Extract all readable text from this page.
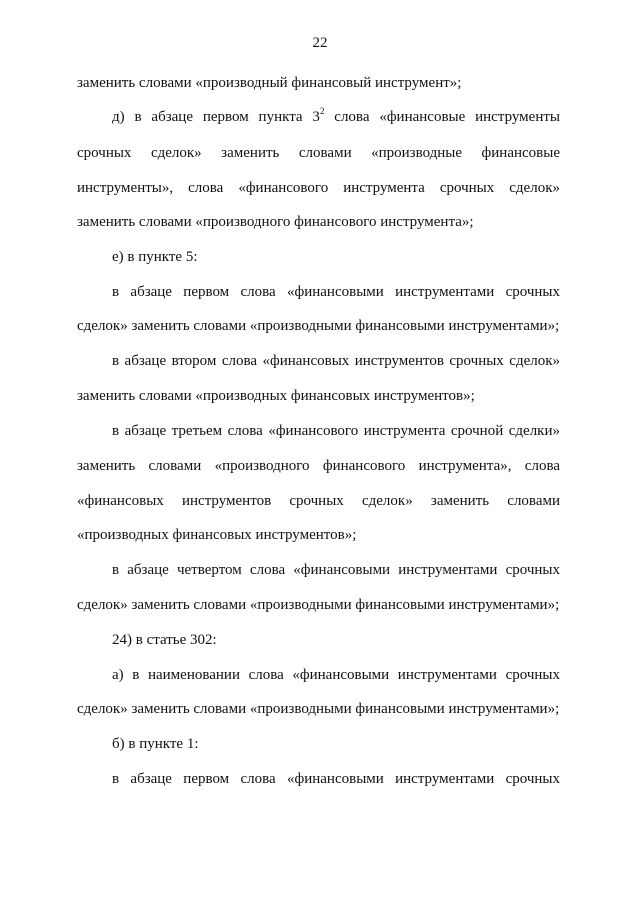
22
заменить словами «производный финансовый инструмент»;
д) в абзаце первом пункта $3^2$ слова «финансовые инструменты
срочных сделок» заменить словами «производные финансовые
инструменты», слова «финансового инструмента срочных сделок»
заменить словами «производного финансового инструмента»;
е) в пункте 5:
в абзаце первом слова «финансовыми инструментами срочных
сделок» заменить словами «производными финансовыми инструментами»;
в абзаце втором слова «финансовых инструментов срочных сделок»
заменить словами «производных финансовых инструментов»;
в абзаце третьем слова «финансового инструмента срочной сделки»
заменить словами «производного финансового инструмента», слова
«финансовых инструментов срочных сделок» заменить словами
«производных финансовых инструментов»;
в абзаце четвертом слова «финансовыми инструментами срочных
сделок» заменить словами «производными финансовыми инструментами»;
24) в статье 302:
а) в наименовании слова «финансовыми инструментами срочных
сделок» заменить словами «производными финансовыми инструментами»;
б) в пункте 1:
в абзаце первом слова «финансовыми инструментами срочных
